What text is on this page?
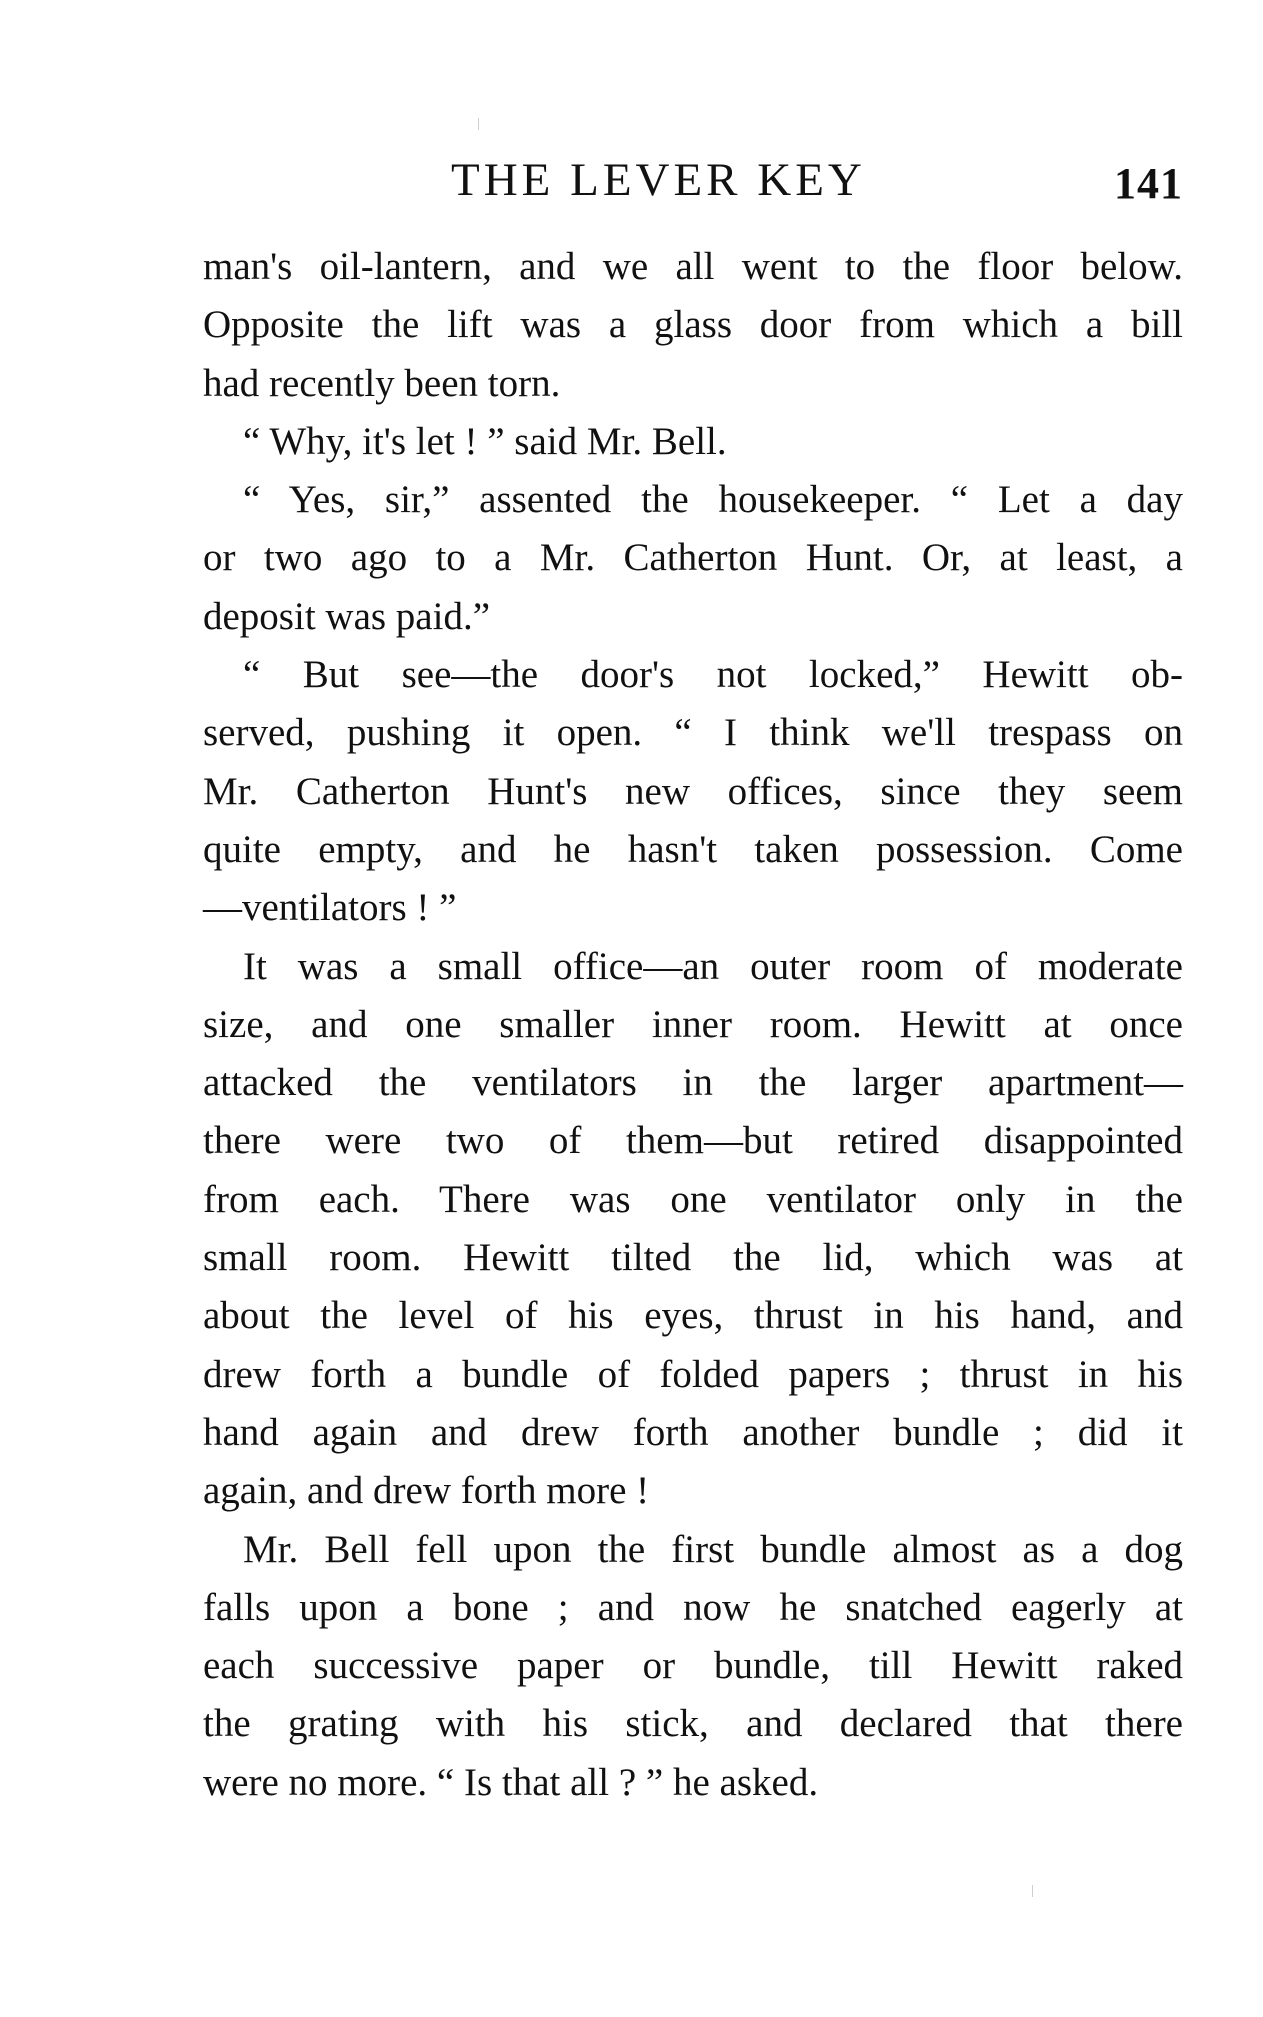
THE LEVER KEY	141
man's oil-lantern, and we all went to the floor below.
Opposite the lift was a glass door from which a bill
had recently been torn.
“ Why, it's let ! ” said Mr. Bell.
“ Yes, sir,” assented the housekeeper. “ Let a day
or two ago to a Mr. Catherton Hunt. Or, at least, a
deposit was paid.”
“ But see—the door's not locked,” Hewitt ob-
served, pushing it open. “ I think we'll trespass on
Mr. Catherton Hunt's new offices, since they seem
quite empty, and he hasn't taken possession. Come
—ventilators ! ”
It was a small office—an outer room of moderate
size, and one smaller inner room. Hewitt at once
attacked the ventilators in the larger apartment—
there were two of them—but retired disappointed
from each. There was one ventilator only in the
small room. Hewitt tilted the lid, which was at
about the level of his eyes, thrust in his hand, and
drew forth a bundle of folded papers ; thrust in his
hand again and drew forth another bundle ; did it
again, and drew forth more !
Mr. Bell fell upon the first bundle almost as a dog
falls upon a bone ; and now he snatched eagerly at
each successive paper or bundle, till Hewitt raked
the grating with his stick, and declared that there
were no more. “ Is that all ? ” he asked.
